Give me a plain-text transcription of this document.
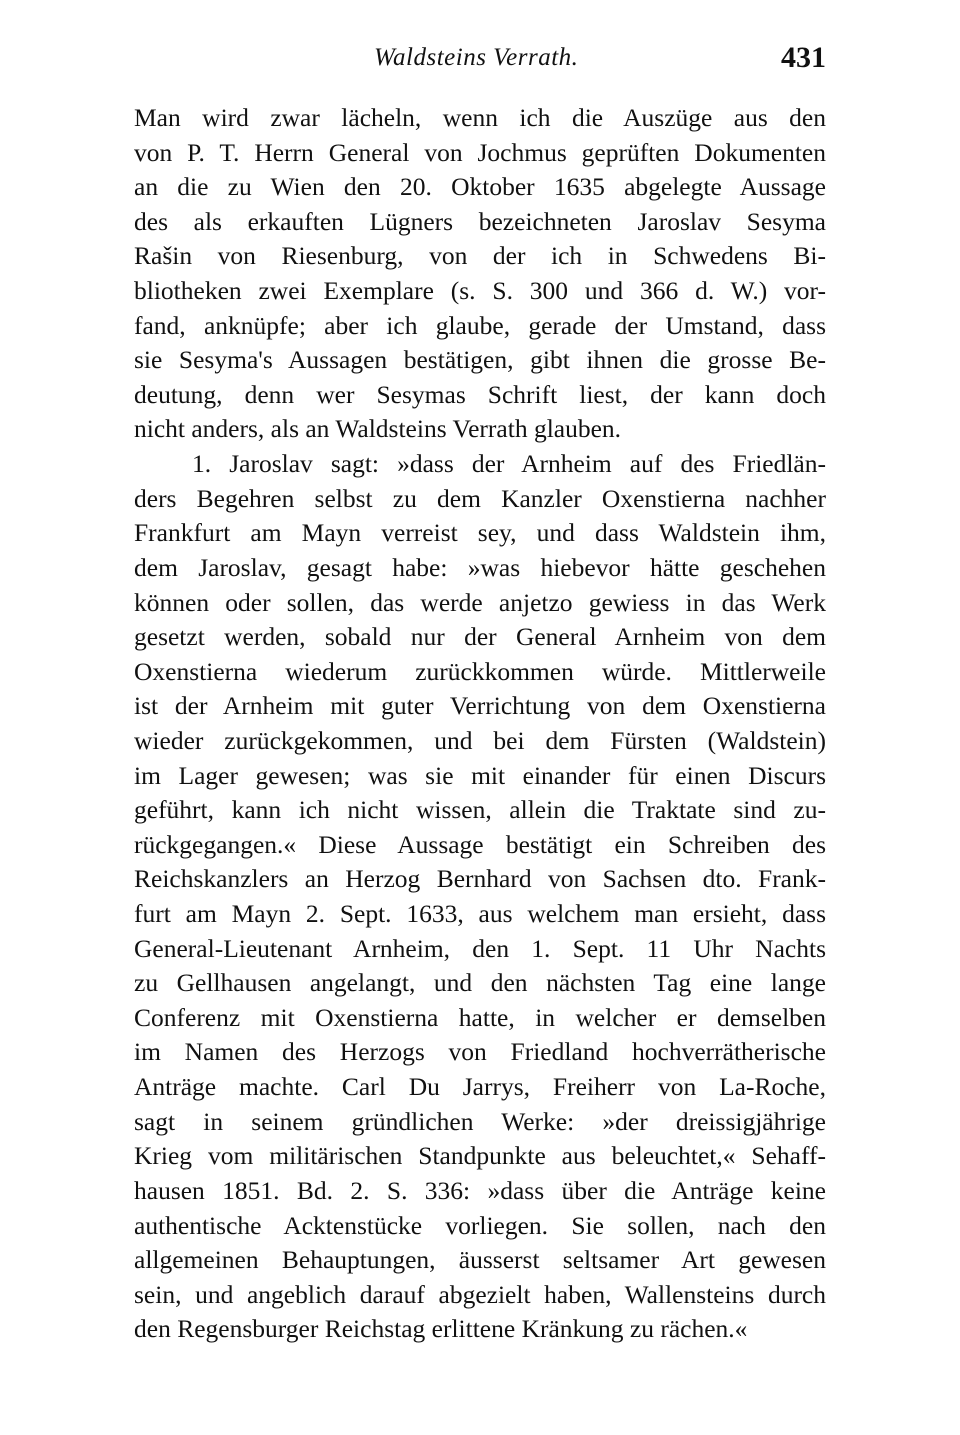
Waldsteins Verrath.	431
Man wird zwar lächeln, wenn ich die Auszüge aus den
von P. T. Herrn General von Jochmus geprüften Dokumenten
an die zu Wien den 20. Oktober 1635 abgelegte Aussage
des als erkauften Lügners bezeichneten Jaroslav Sesyma
Rašin von Riesenburg, von der ich in Schwedens Bi-
bliotheken zwei Exemplare (s. S. 300 und 366 d. W.) vor-
fand, anknüpfe; aber ich glaube, gerade der Umstand, dass
sie Sesyma's Aussagen bestätigen, gibt ihnen die grosse Be-
deutung, denn wer Sesymas Schrift liest, der kann doch
nicht anders, als an Waldsteins Verrath glauben.
1. Jaroslav sagt: »dass der Arnheim auf des Friedlän-
ders Begehren selbst zu dem Kanzler Oxenstierna nachher
Frankfurt am Mayn verreist sey, und dass Waldstein ihm,
dem Jaroslav, gesagt habe: »was hiebevor hätte geschehen
können oder sollen, das werde anjetzo gewiess in das Werk
gesetzt werden, sobald nur der General Arnheim von dem
Oxenstierna wiederum zurückkommen würde. Mittlerweile
ist der Arnheim mit guter Verrichtung von dem Oxenstierna
wieder zurückgekommen, und bei dem Fürsten (Waldstein)
im Lager gewesen; was sie mit einander für einen Discurs
geführt, kann ich nicht wissen, allein die Traktate sind zu-
rückgegangen.« Diese Aussage bestätigt ein Schreiben des
Reichskanzlers an Herzog Bernhard von Sachsen dto. Frank-
furt am Mayn 2. Sept. 1633, aus welchem man ersieht, dass
General-Lieutenant Arnheim, den 1. Sept. 11 Uhr Nachts
zu Gellhausen angelangt, und den nächsten Tag eine lange
Conferenz mit Oxenstierna hatte, in welcher er demselben
im Namen des Herzogs von Friedland hochverrätherische
Anträge machte. Carl Du Jarrys, Freiherr von La-Roche,
sagt in seinem gründlichen Werke: »der dreissigjährige
Krieg vom militärischen Standpunkte aus beleuchtet,« Sehaff-
hausen 1851. Bd. 2. S. 336: »dass über die Anträge keine
authentische Acktenstücke vorliegen. Sie sollen, nach den
allgemeinen Behauptungen, äusserst seltsamer Art gewesen
sein, und angeblich darauf abgezielt haben, Wallensteins durch
den Regensburger Reichstag erlittene Kränkung zu rächen.«
